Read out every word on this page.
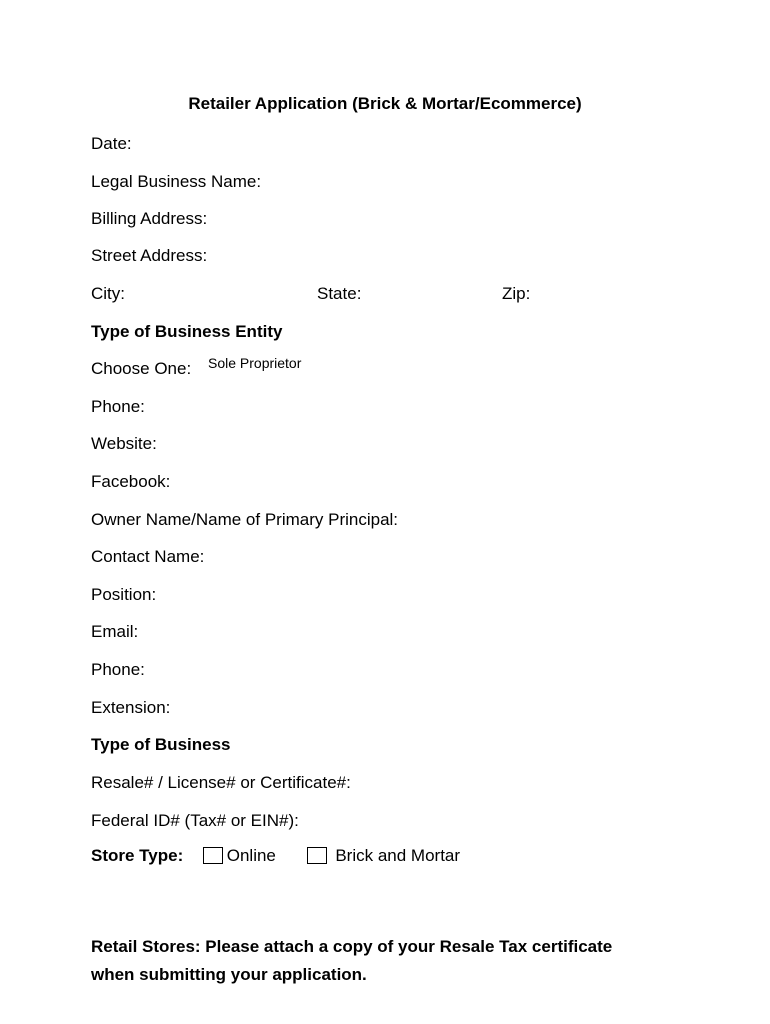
Retailer Application (Brick & Mortar/Ecommerce)
Date:
Legal Business Name:
Billing Address:
Street Address:
City:	State:	Zip:
Type of Business Entity
Choose One: Sole Proprietor
Phone:
Website:
Facebook:
Owner Name/Name of Primary Principal:
Contact Name:
Position:
Email:
Phone:
Extension:
Type of Business
Resale# / License# or Certificate#:
Federal ID# (Tax# or EIN#):
Store Type:	Online	Brick and Mortar
Retail Stores: Please attach a copy of your Resale Tax certificate
when submitting your application.
